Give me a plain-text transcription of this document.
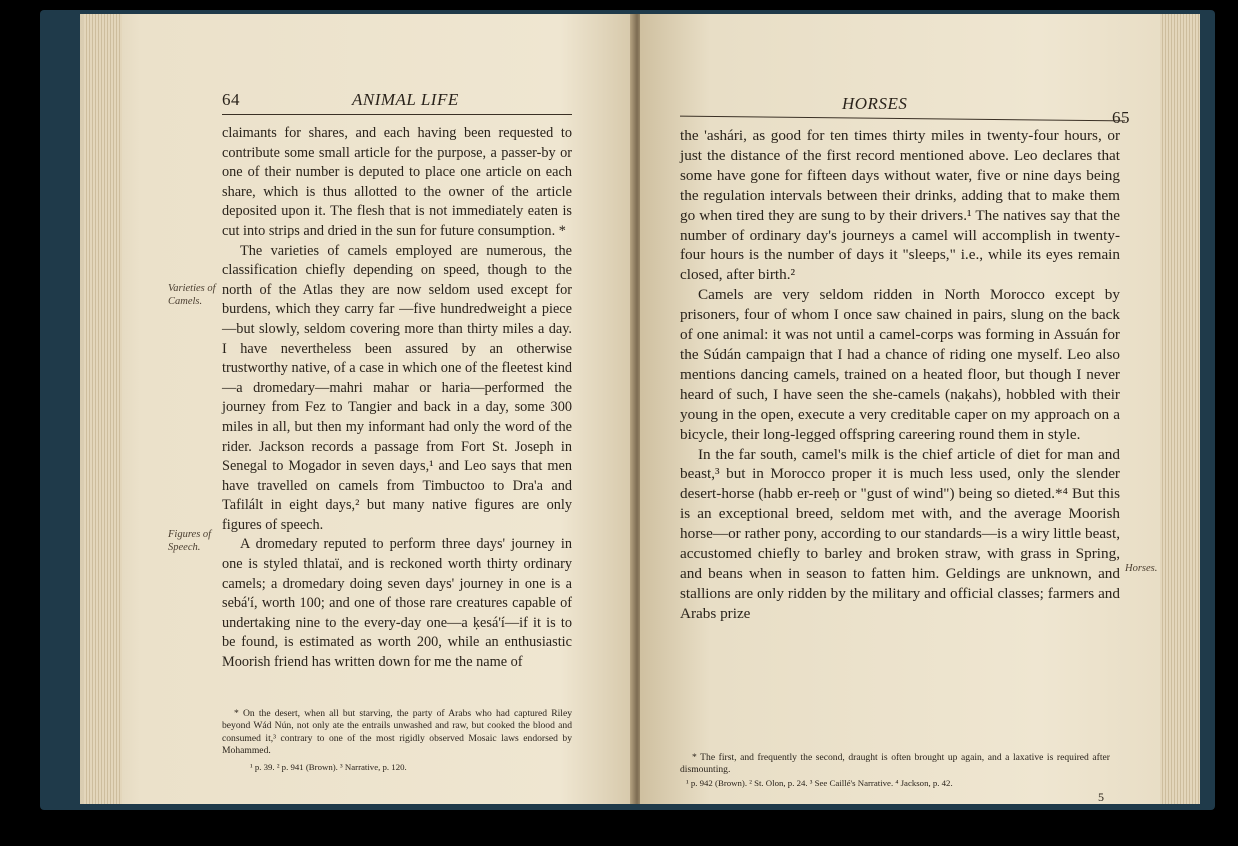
64	ANIMAL LIFE

claimants for shares, and each having been requested to contribute some small article for the purpose, a passer-by or one of their number is deputed to place one article on each share, which is thus allotted to the owner of the article deposited upon it. The flesh that is not immediately eaten is cut into strips and dried in the sun for future consumption. *

The varieties of camels employed are numerous, the classification chiefly depending on speed, though to the north of the Atlas they are now seldom used except for burdens, which they carry far —five hundredweight a piece—but slowly, seldom covering more than thirty miles a day. I have nevertheless been assured by an otherwise trustworthy native, of a case in which one of the fleetest kind—a dromedary—mahri mahar or haria—performed the journey from Fez to Tangier and back in a day, some 300 miles in all, but then my informant had only the word of the rider. Jackson records a passage from Fort St. Joseph in Senegal to Mogador in seven days,¹ and Leo says that men have travelled on camels from Timbuctoo to Dra'a and Tafilált in eight days,² but many native figures are only figures of speech.

A dromedary reputed to perform three days' journey in one is styled thlataï, and is reckoned worth thirty ordinary camels; a dromedary doing seven days' journey in one is a sebá'í, worth 100; and one of those rare creatures capable of undertaking nine to the every-day one—a ḳesá'í—if it is to be found, is estimated as worth 200, while an enthusiastic Moorish friend has written down for me the name of

Varieties of Camels.
Figures of Speech.

* On the desert, when all but starving, the party of Arabs who had captured Riley beyond Wád Nún, not only ate the entrails unwashed and raw, but cooked the blood and consumed it,³ contrary to one of the most rigidly observed Mosaic laws endorsed by Mohammed.

¹ p. 39. ² p. 941 (Brown). ³ Narrative, p. 120.
HORSES
65

the 'ashári, as good for ten times thirty miles in twenty-four hours, or just the distance of the first record mentioned above. Leo declares that some have gone for fifteen days without water, five or nine days being the regulation intervals between their drinks, adding that to make them go when tired they are sung to by their drivers.¹ The natives say that the number of ordinary day's journeys a camel will accomplish in twenty-four hours is the number of days it "sleeps," i.e., while its eyes remain closed, after birth.²

Camels are very seldom ridden in North Morocco except by prisoners, four of whom I once saw chained in pairs, slung on the back of one animal: it was not until a camel-corps was forming in Assuán for the Súdán campaign that I had a chance of riding one myself. Leo also mentions dancing camels, trained on a heated floor, but though I never heard of such, I have seen the she-camels (naḳahs), hobbled with their young in the open, execute a very creditable caper on my approach on a bicycle, their long-legged offspring careering round them in style.

In the far south, camel's milk is the chief article of diet for man and beast,³ but in Morocco proper it is much less used, only the slender desert-horse (habb er-reeḥ or "gust of wind") being so dieted.*⁴ But this is an exceptional breed, seldom met with, and the average Moorish horse—or rather pony, according to our standards—is a wiry little beast, accustomed chiefly to barley and broken straw, with grass in Spring, and beans when in season to fatten him. Geldings are unknown, and stallions are only ridden by the military and official classes; farmers and Arabs prize

Horses.

* The first, and frequently the second, draught is often brought up again, and a laxative is required after dismounting.

¹ p. 942 (Brown). ² St. Olon, p. 24. ³ See Caillé's Narrative. ⁴ Jackson, p. 42.
5
